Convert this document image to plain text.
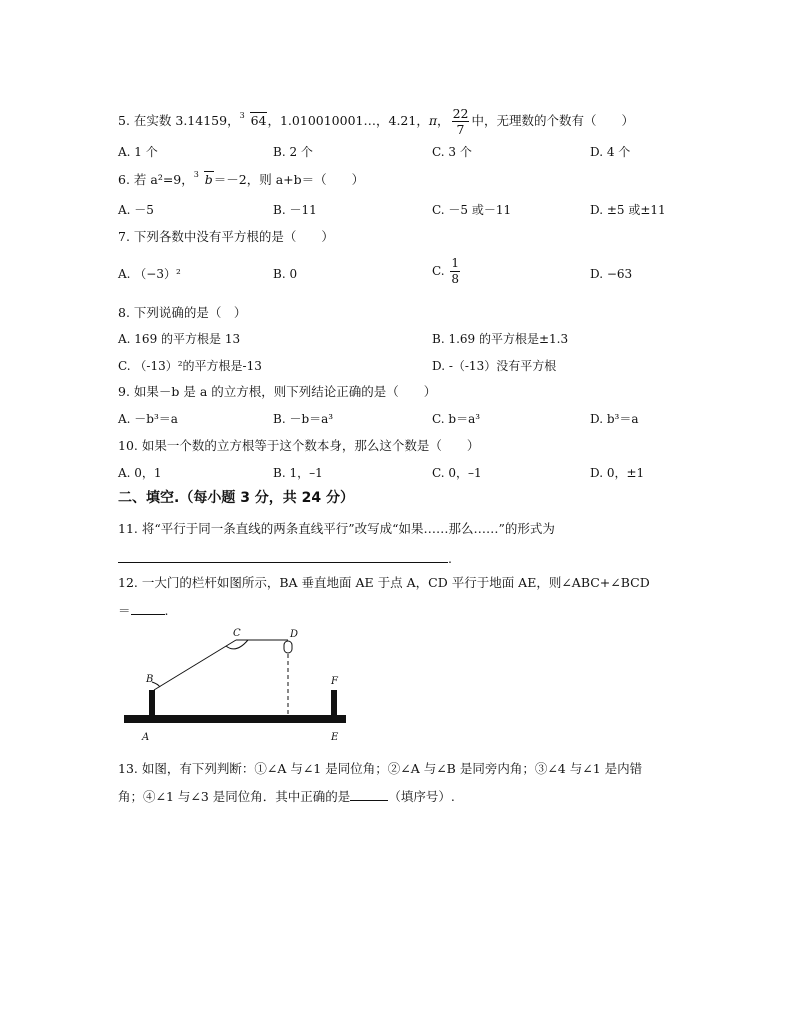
5. 在实数 3.14159， 3 64，1.010010001…，4.21，π， $\frac{22}{7}$ 中，无理数的个数有（　　）
A. 1 个	B. 2 个	C. 3 个	D. 4 个
6. 若 a²=9， 3 b＝－2，则 a+b＝（　　）
A. －5	B. －11	C. －5 或－11	D. ±5 或±11
7. 下列各数中没有平方根的是（　　）
A. （−3）²	B. 0	C. $\frac{1}{8}$	D. −63
8. 下列说确的是（　）
A. 169 的平方根是 13	B. 1.69 的平方根是±1.3
C. （-13）²的平方根是-13	D. -（-13）没有平方根
9. 如果－b 是 a 的立方根，则下列结论正确的是（　　）
A. －b³＝a	B. －b＝a³	C. b＝a³	D. b³＝a
10. 如果一个数的立方根等于这个数本身，那么这个数是（　　）
A. 0，1	B. 1，–1	C. 0，–1	D. 0，±1
二、填空.（每小题 3 分，共 24 分）
11. 将“平行于同一条直线的两条直线平行”改写成“如果……那么……”的形式为
.
12. 一大门的栏杆如图所示，BA 垂直地面 AE 于点 A，CD 平行于地面 AE，则∠ABC+∠BCD
＝	.
C	D
B	F
A	E
13. 如图，有下列判断：①∠A 与∠1 是同位角；②∠A 与∠B 是同旁内角；③∠4 与∠1 是内错
角；④∠1 与∠3 是同位角．其中正确的是	（填序号）.
